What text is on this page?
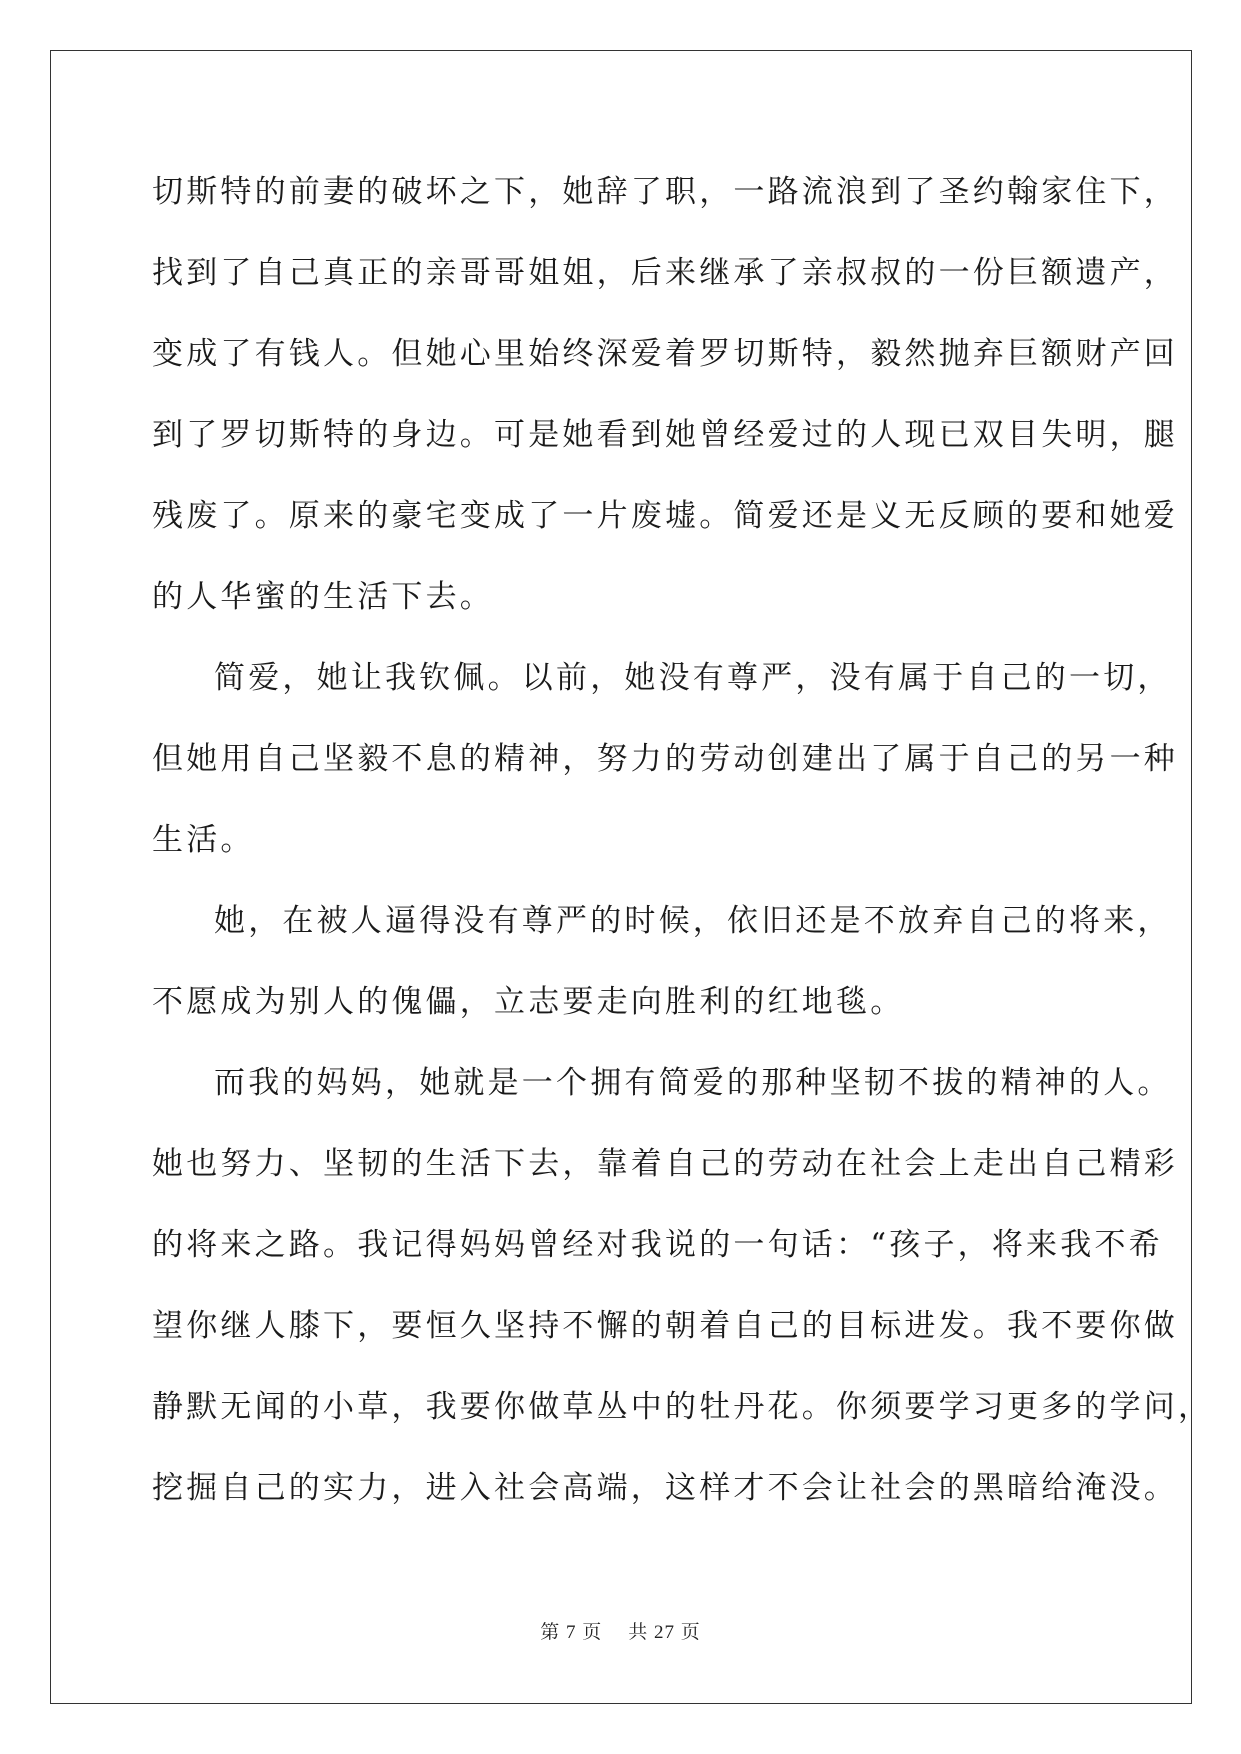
切斯特的前妻的破坏之下，她辞了职，一路流浪到了圣约翰家住下，
找到了自己真正的亲哥哥姐姐，后来继承了亲叔叔的一份巨额遗产，
变成了有钱人。但她心里始终深爱着罗切斯特，毅然抛弃巨额财产回
到了罗切斯特的身边。可是她看到她曾经爱过的人现已双目失明，腿
残废了。原来的豪宅变成了一片废墟。简爱还是义无反顾的要和她爱
的人华蜜的生活下去。
简爱，她让我钦佩。以前，她没有尊严，没有属于自己的一切，
但她用自己坚毅不息的精神，努力的劳动创建出了属于自己的另一种
生活。
她，在被人逼得没有尊严的时候，依旧还是不放弃自己的将来，
不愿成为别人的傀儡，立志要走向胜利的红地毯。
而我的妈妈，她就是一个拥有简爱的那种坚韧不拔的精神的人。
她也努力、坚韧的生活下去，靠着自己的劳动在社会上走出自己精彩
的将来之路。我记得妈妈曾经对我说的一句话：“孩子，将来我不希
望你继人膝下，要恒久坚持不懈的朝着自己的目标进发。我不要你做
静默无闻的小草，我要你做草丛中的牡丹花。你须要学习更多的学问，
挖掘自己的实力，进入社会高端，这样才不会让社会的黑暗给淹没。
第 7 页 共 27 页
